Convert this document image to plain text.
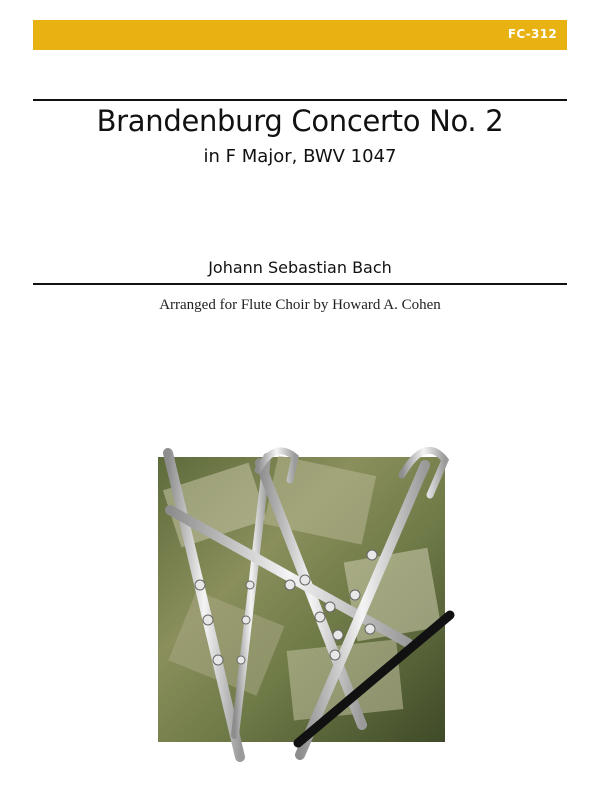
FC-312
Brandenburg Concerto No. 2
in F Major, BWV 1047
Johann Sebastian Bach
Arranged for Flute Choir by Howard A. Cohen
